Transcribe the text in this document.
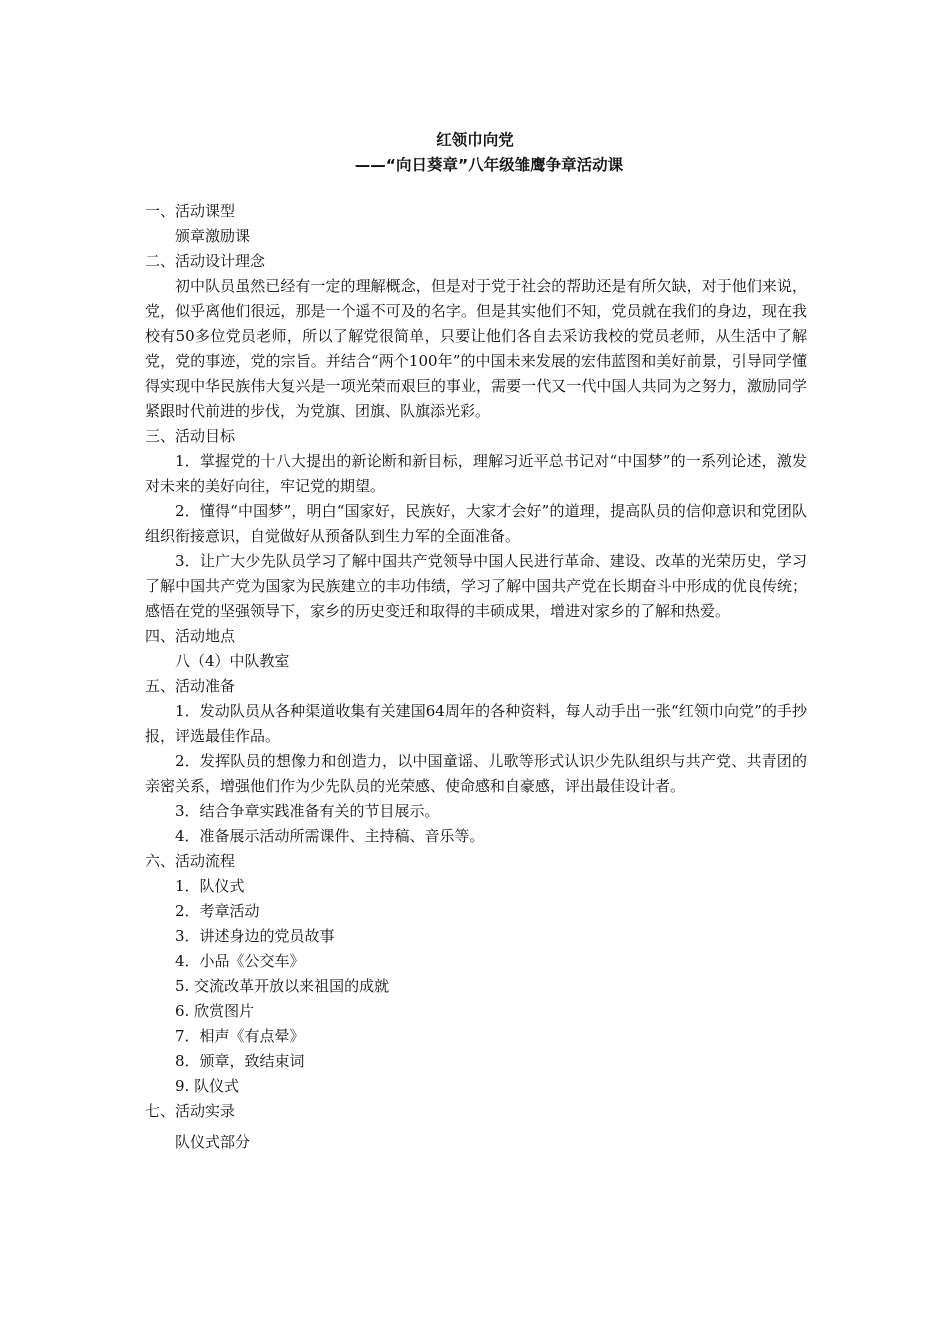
红领巾向党
——“向日葵章”八年级雏鹰争章活动课

一、活动课型

颁章激励课

二、活动设计理念

初中队员虽然已经有一定的理解概念，但是对于党于社会的帮助还是有所欠缺，对于他们来说，党，似乎离他们很远，那是一个遥不可及的名字。但是其实他们不知，党员就在我们的身边，现在我校有50多位党员老师，所以了解党很简单，只要让他们各自去采访我校的党员老师，从生活中了解党，党的事迹，党的宗旨。并结合“两个100年”的中国未来发展的宏伟蓝图和美好前景，引导同学懂得实现中华民族伟大复兴是一项光荣而艰巨的事业，需要一代又一代中国人共同为之努力，激励同学紧跟时代前进的步伐，为党旗、团旗、队旗添光彩。

三、活动目标

1．掌握党的十八大提出的新论断和新目标，理解习近平总书记对“中国梦”的一系列论述，激发对未来的美好向往，牢记党的期望。

2．懂得“中国梦”，明白“国家好，民族好，大家才会好”的道理，提高队员的信仰意识和党团队组织衔接意识，自觉做好从预备队到生力军的全面准备。

3．让广大少先队员学习了解中国共产党领导中国人民进行革命、建设、改革的光荣历史，学习了解中国共产党为国家为民族建立的丰功伟绩，学习了解中国共产党在长期奋斗中形成的优良传统；感悟在党的坚强领导下，家乡的历史变迁和取得的丰硕成果，增进对家乡的了解和热爱。

四、活动地点

八（4）中队教室

五、活动准备

1．发动队员从各种渠道收集有关建国64周年的各种资料，每人动手出一张“红领巾向党”的手抄报，评选最佳作品。

2．发挥队员的想像力和创造力，以中国童谣、儿歌等形式认识少先队组织与共产党、共青团的亲密关系，增强他们作为少先队员的光荣感、使命感和自豪感，评出最佳设计者。

3．结合争章实践准备有关的节目展示。

4．准备展示活动所需课件、主持稿、音乐等。

六、活动流程

1．队仪式

2．考章活动

3．讲述身边的党员故事

4．小品《公交车》

5. 交流改革开放以来祖国的成就

6. 欣赏图片

7．相声《有点晕》

8．颁章，致结束词

9. 队仪式

七、活动实录

队仪式部分
